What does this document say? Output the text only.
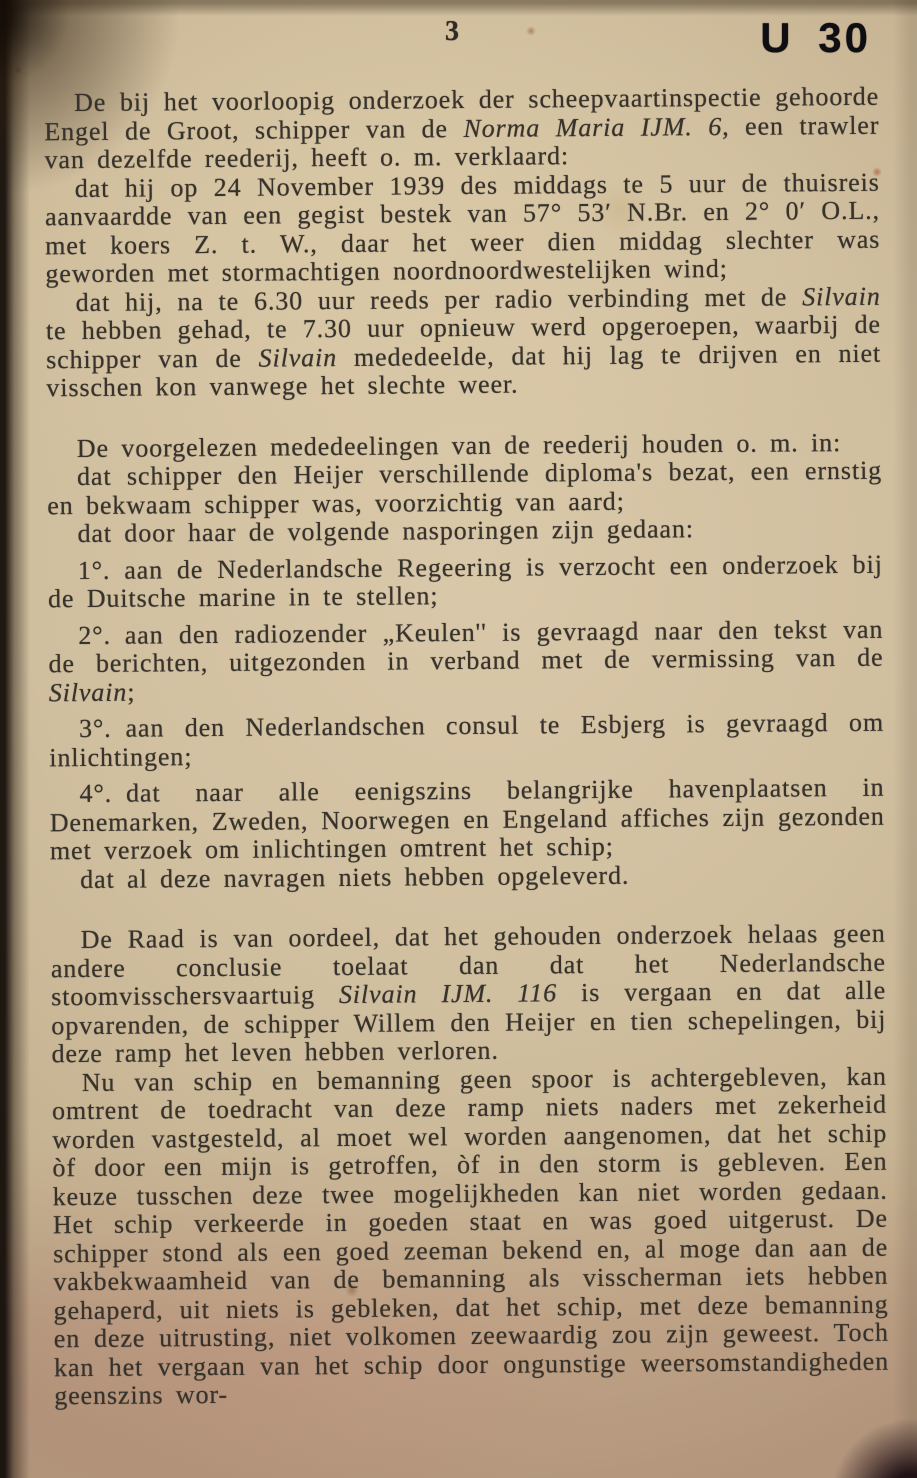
3	U 30

De bij het voorloopig onderzoek der scheepvaartinspectie gehoorde Engel de Groot, schipper van de Norma Maria IJM. 6, een trawler van dezelfde reederij, heeft o. m. verklaard:

dat hij op 24 November 1939 des middags te 5 uur de thuisreis aanvaardde van een gegist bestek van 57° 53′ N.Br. en 2° 0′ O.L., met koers Z. t. W., daar het weer dien middag slechter was geworden met stormachtigen noordnoordwestelijken wind;

dat hij, na te 6.30 uur reeds per radio verbinding met de Silvain te hebben gehad, te 7.30 uur opnieuw werd opgeroepen, waarbij de schipper van de Silvain mededeelde, dat hij lag te drijven en niet visschen kon vanwege het slechte weer.

De voorgelezen mededeelingen van de reederij houden o. m. in:

dat schipper den Heijer verschillende diploma's bezat, een ernstig en bekwaam schipper was, voorzichtig van aard;

dat door haar de volgende nasporingen zijn gedaan:

1°. aan de Nederlandsche Regeering is verzocht een onderzoek bij de Duitsche marine in te stellen;

2°. aan den radiozender „Keulen'' is gevraagd naar den tekst van de berichten, uitgezonden in verband met de vermissing van de Silvain;

3°. aan den Nederlandschen consul te Esbjerg is gevraagd om inlichtingen;

4°. dat naar alle eenigszins belangrijke havenplaatsen in Denemarken, Zweden, Noorwegen en Engeland affiches zijn gezonden met verzoek om inlichtingen omtrent het schip;

dat al deze navragen niets hebben opgeleverd.

De Raad is van oordeel, dat het gehouden onderzoek helaas geen andere conclusie toelaat dan dat het Nederlandsche stoomvisschersvaartuig Silvain IJM. 116 is vergaan en dat alle opvarenden, de schipper Willem den Heijer en tien schepelingen, bij deze ramp het leven hebben verloren.

Nu van schip en bemanning geen spoor is achtergebleven, kan omtrent de toedracht van deze ramp niets naders met zekerheid worden vastgesteld, al moet wel worden aangenomen, dat het schip òf door een mijn is getroffen, òf in den storm is gebleven. Een keuze tusschen deze twee mogelijkheden kan niet worden gedaan. Het schip verkeerde in goeden staat en was goed uitgerust. De schipper stond als een goed zeeman bekend en, al moge dan aan de vakbekwaamheid van de bemanning als visscherman iets hebben gehaperd, uit niets is gebleken, dat het schip, met deze bemanning en deze uitrusting, niet volkomen zeewaardig zou zijn geweest. Toch kan het vergaan van het schip door ongunstige weersomstandigheden geenszins wor-
